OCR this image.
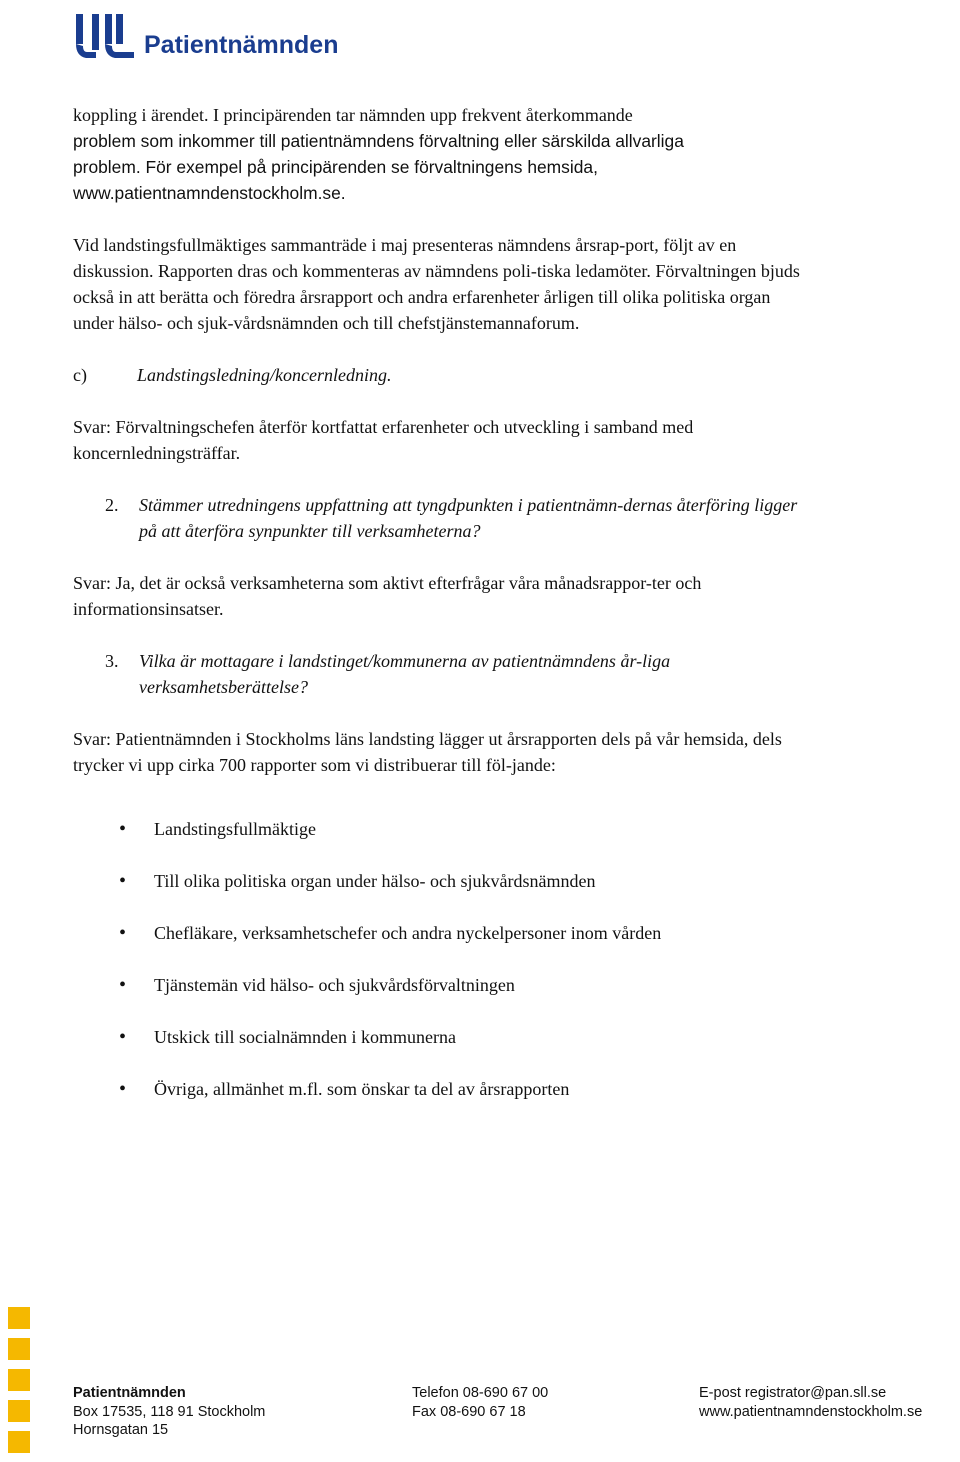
Patientnämnden

koppling i ärendet. I principärenden tar nämnden upp frekvent återkommande
problem som inkommer till patientnämndens förvaltning eller särskilda allvarliga
problem. För exempel på principärenden se förvaltningens hemsida,
www.patientnamndenstockholm.se.

Vid landstingsfullmäktiges sammanträde i maj presenteras nämndens årsrap-port, följt av en diskussion. Rapporten dras och kommenteras av nämndens poli-tiska ledamöter. Förvaltningen bjuds också in att berätta och föredra årsrapport och andra erfarenheter årligen till olika politiska organ under hälso- och sjuk-vårdsnämnden och till chefstjänstemannaforum.

c)	Landstingsledning/koncernledning.

Svar: Förvaltningschefen återför kortfattat erfarenheter och utveckling i samband med koncernledningsträffar.

2. Stämmer utredningens uppfattning att tyngdpunkten i patientnämn-dernas återföring ligger på att återföra synpunkter till verksamheterna?

Svar: Ja, det är också verksamheterna som aktivt efterfrågar våra månadsrappor-ter och informationsinsatser.

3. Vilka är mottagare i landstinget/kommunerna av patientnämndens år-liga verksamhetsberättelse?

Svar: Patientnämnden i Stockholms läns landsting lägger ut årsrapporten dels på vår hemsida, dels trycker vi upp cirka 700 rapporter som vi distribuerar till föl-jande:

• Landstingsfullmäktige
• Till olika politiska organ under hälso- och sjukvårdsnämnden
• Chefläkare, verksamhetschefer och andra nyckelpersoner inom vården
• Tjänstemän vid hälso- och sjukvårdsförvaltningen
• Utskick till socialnämnden i kommunerna
• Övriga, allmänhet m.fl. som önskar ta del av årsrapporten
Patientnämnden
Box 17535, 118 91 Stockholm
Hornsgatan 15
Telefon 08-690 67 00
Fax 08-690 67 18
E-post registrator@pan.sll.se
www.patientnamndenstockholm.se
